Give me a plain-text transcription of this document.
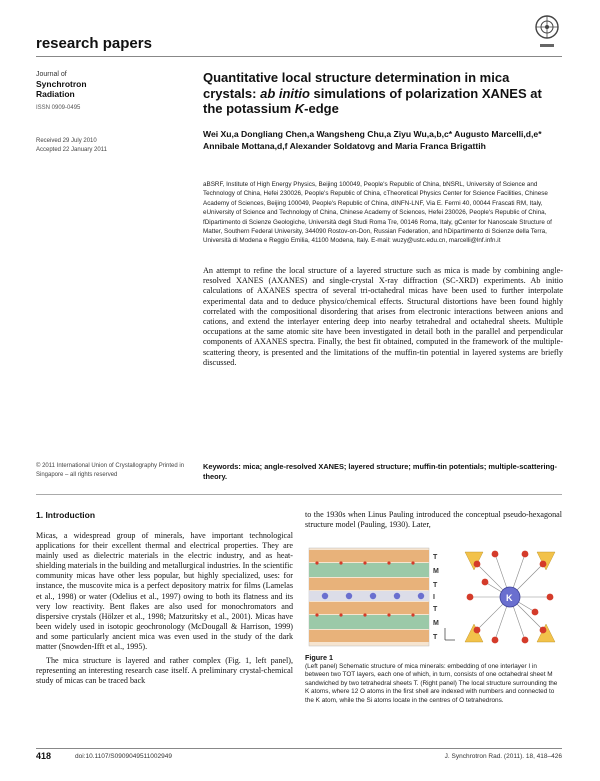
research papers
Journal of
Synchrotron
Radiation
ISSN 0909-0495
Received 29 July 2010
Accepted 22 January 2011
Quantitative local structure determination in mica crystals: ab initio simulations of polarization XANES at the potassium K-edge
Wei Xu,a Dongliang Chen,a Wangsheng Chu,a Ziyu Wu,a,b,c* Augusto Marcelli,d,e* Annibale Mottana,d,f Alexander Soldatovg and Maria Franca Brigattih
aBSRF, Institute of High Energy Physics, Beijing 100049, People's Republic of China, bNSRL, University of Science and Technology of China, Hefei 230026, People's Republic of China, cTheoretical Physics Center for Science Facilities, Chinese Academy of Sciences, Beijing 100049, People's Republic of China, dINFN-LNF, Via E. Fermi 40, 00044 Frascati RM, Italy, eUniversity of Science and Technology of China, Chinese Academy of Sciences, Hefei 230026, People's Republic of China, fDipartimento di Scienze Geologiche, Università degli Studi Roma Tre, 00146 Roma, Italy, gCenter for Nanoscale Structure of Matter, Southern Federal University, 344090 Rostov-on-Don, Russian Federation, and hDipartimento di Scienze della Terra, Università di Modena e Reggio Emilia, 41100 Modena, Italy. E-mail: wuzy@ustc.edu.cn, marcelli@lnf.infn.it
An attempt to refine the local structure of a layered structure such as mica is made by combining angle-resolved XANES (AXANES) and single-crystal X-ray diffraction (SC-XRD) experiments. Ab initio calculations of AXANES spectra of several tri-octahedral micas have been used to further interpolate experimental data and to deduce physico/chemical effects. Structural distortions have been found highly correlated with the compositional disordering that arises from electronic interactions between anions and cations, and extend the interlayer entering deep into nearby tetrahedral and octahedral sheets. Multiple occupations at the same atomic site have been investigated in detail both in the parallel and perpendicular components of AXANES spectra. Finally, the best fit obtained, computed in the framework of the multiple-scattering theory, is presented and the limitations of the muffin-tin potential in layered systems are briefly discussed.
© 2011 International Union of Crystallography Printed in Singapore – all rights reserved
Keywords: mica; angle-resolved XANES; layered structure; muffin-tin potentials; multiple-scattering-theory.
1. Introduction

Micas, a widespread group of minerals, have important technological applications for their excellent thermal and electrical properties. They are mainly used as dielectric materials in the electric industry, and as heat-shielding materials in the building and metallurgical industries. In the scientific community micas have other less popular, but highly specialized, uses: for instance, the muscovite mica is a perfect depository matrix for films (Lamelas et al., 1998) or water (Odelius et al., 1997) owing to both its flatness and its very low reactivity. Bent flakes are also used for monochromators and dispersive crystals (Hölzer et al., 1998; Matzuritsky et al., 2001). Micas have been widely used in isotopic geochronology (McDougall & Harrison, 1999) and some particularly ancient mica was even used in the study of the dark matter (Snowden-Ifft et al., 1995).

The mica structure is layered and rather complex (Fig. 1, left panel), representing an interesting research case itself. A preliminary crystal-chemical study of micas can be traced back

to the 1930s when Linus Pauling introduced the conceptual pseudo-hexagonal structure model (Pauling, 1930). Later,
T
M
T
I
T
M
T
K
Figure 1
(Left panel) Schematic structure of mica minerals: embedding of one interlayer I in between two TOT layers, each one of which, in turn, consists of one octahedral sheet M sandwiched by two tetrahedral sheets T. (Right panel) The local structure surrounding the K atoms, where 12 O atoms in the first shell are indexed with numbers and connected to the K atom, while the Si atoms locate in the centres of O tetrahedrons.
418	doi:10.1107/S0909049511002949	J. Synchrotron Rad. (2011). 18, 418–426
